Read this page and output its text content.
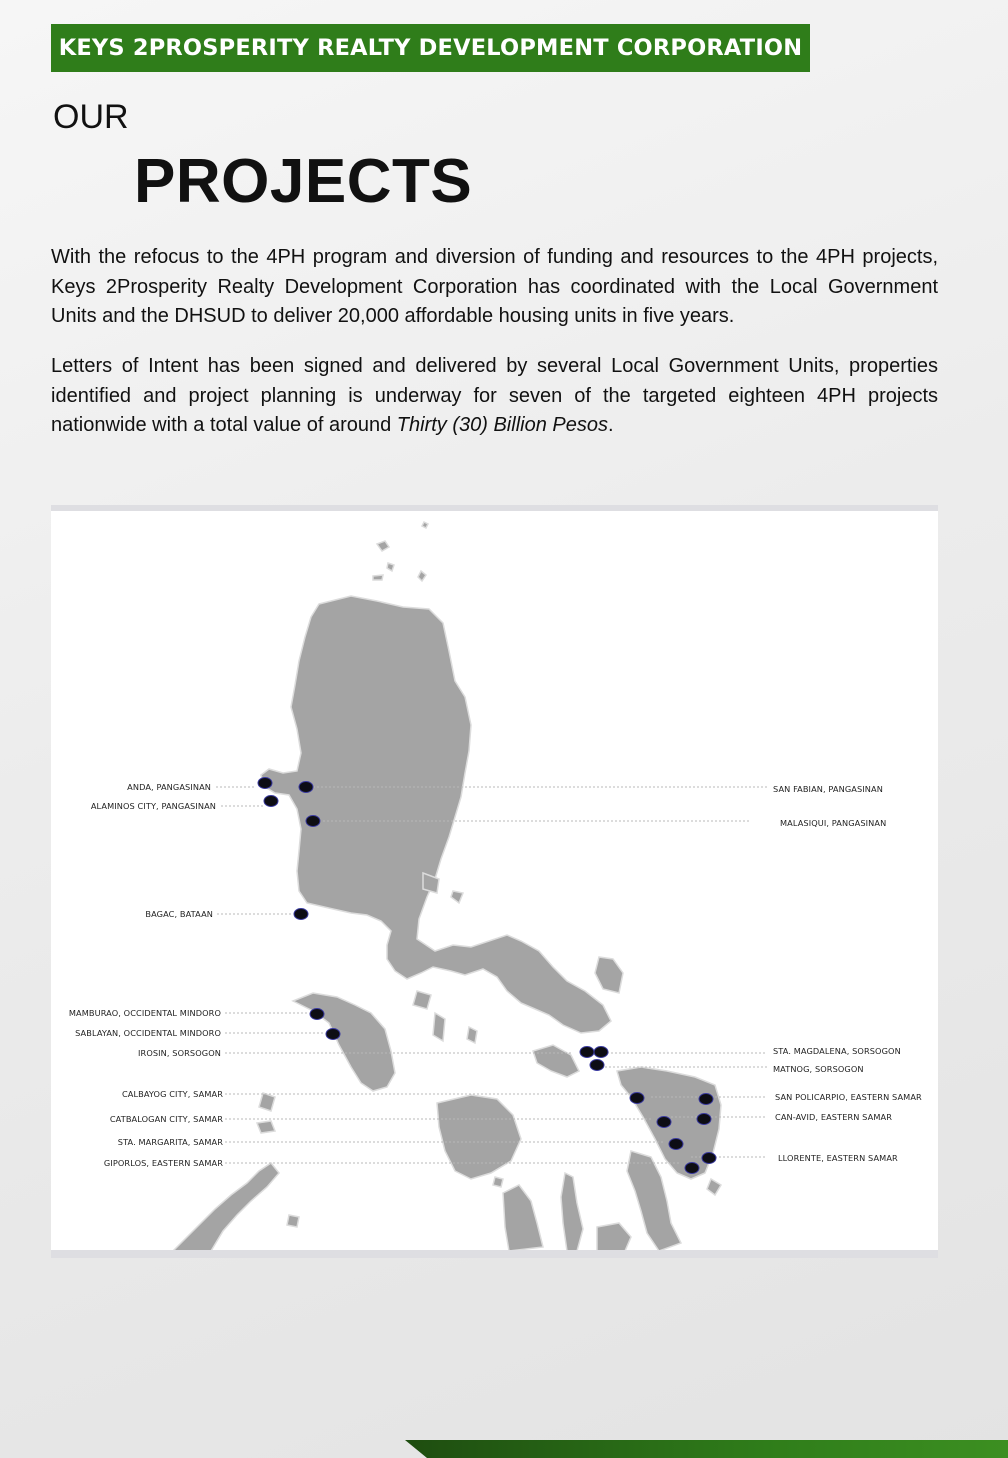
KEYS 2PROSPERITY REALTY DEVELOPMENT CORPORATION
OUR
PROJECTS

With the refocus to the 4PH program and diversion of funding and resources to the 4PH projects, Keys 2Prosperity Realty Development Corporation has coordinated with the Local Government Units and the DHSUD to deliver 20,000 affordable housing units in five years.

Letters of Intent has been signed and delivered by several Local Government Units, properties identified and project planning is underway for seven of the targeted eighteen 4PH projects nationwide with a total value of around Thirty (30) Billion Pesos.

ANDA, PANGASINAN
ALAMINOS CITY, PANGASINAN
BAGAC, BATAAN
MAMBURAO, OCCIDENTAL MINDORO
SABLAYAN, OCCIDENTAL MINDORO
IROSIN, SORSOGON
CALBAYOG CITY, SAMAR
CATBALOGAN CITY, SAMAR
STA. MARGARITA, SAMAR
GIPORLOS, EASTERN SAMAR
SAN FABIAN, PANGASINAN
MALASIQUI, PANGASINAN
STA. MAGDALENA, SORSOGON
MATNOG, SORSOGON
SAN POLICARPIO, EASTERN SAMAR
CAN-AVID, EASTERN SAMAR
LLORENTE, EASTERN SAMAR
